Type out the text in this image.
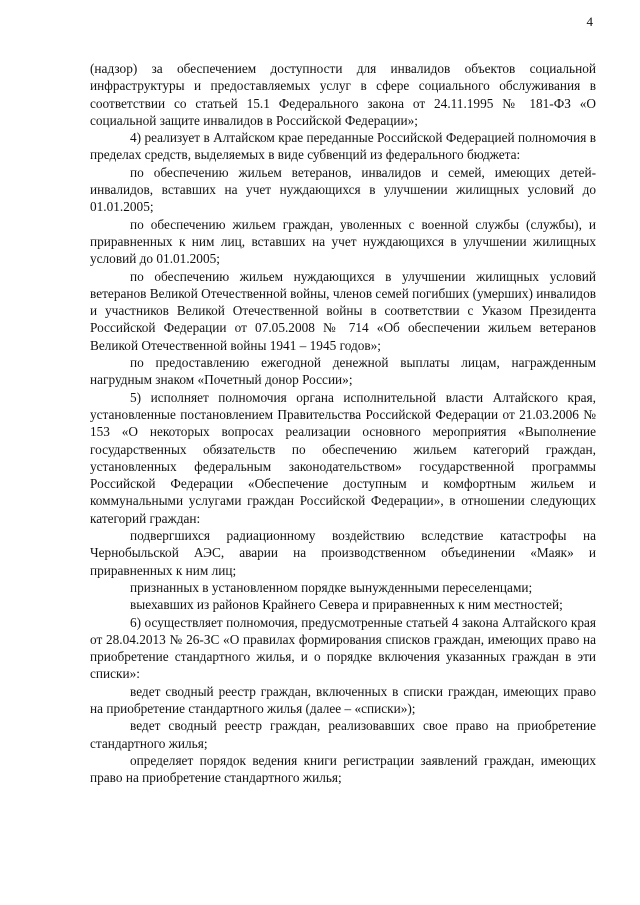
4

(надзор) за обеспечением доступности для инвалидов объектов социальной инфраструктуры и предоставляемых услуг в сфере социального обслуживания в соответствии со статьей 15.1 Федерального закона от 24.11.1995 № 181-ФЗ «О социальной защите инвалидов в Российской Федерации»;

4) реализует в Алтайском крае переданные Российской Федерацией полномочия в пределах средств, выделяемых в виде субвенций из федерального бюджета:

по обеспечению жильем ветеранов, инвалидов и семей, имеющих детей-инвалидов, вставших на учет нуждающихся в улучшении жилищных условий до 01.01.2005;

по обеспечению жильем граждан, уволенных с военной службы (службы), и приравненных к ним лиц, вставших на учет нуждающихся в улучшении жилищных условий до 01.01.2005;

по обеспечению жильем нуждающихся в улучшении жилищных условий ветеранов Великой Отечественной войны, членов семей погибших (умерших) инвалидов и участников Великой Отечественной войны в соответствии с Указом Президента Российской Федерации от 07.05.2008 № 714 «Об обеспечении жильем ветеранов Великой Отечественной войны 1941 – 1945 годов»;

по предоставлению ежегодной денежной выплаты лицам, награжденным нагрудным знаком «Почетный донор России»;

5) исполняет полномочия органа исполнительной власти Алтайского края, установленные постановлением Правительства Российской Федерации от 21.03.2006 № 153 «О некоторых вопросах реализации основного мероприятия «Выполнение государственных обязательств по обеспечению жильем категорий граждан, установленных федеральным законодательством» государственной программы Российской Федерации «Обеспечение доступным и комфортным жильем и коммунальными услугами граждан Российской Федерации», в отношении следующих категорий граждан:

подвергшихся радиационному воздействию вследствие катастрофы на Чернобыльской АЭС, аварии на производственном объединении «Маяк» и приравненных к ним лиц;

признанных в установленном порядке вынужденными переселенцами;

выехавших из районов Крайнего Севера и приравненных к ним местностей;

6) осуществляет полномочия, предусмотренные статьей 4 закона Алтайского края от 28.04.2013 № 26-ЗС «О правилах формирования списков граждан, имеющих право на приобретение стандартного жилья, и о порядке включения указанных граждан в эти списки»:

ведет сводный реестр граждан, включенных в списки граждан, имеющих право на приобретение стандартного жилья (далее – «списки»);

ведет сводный реестр граждан, реализовавших свое право на приобретение стандартного жилья;

определяет порядок ведения книги регистрации заявлений граждан, имеющих право на приобретение стандартного жилья;
